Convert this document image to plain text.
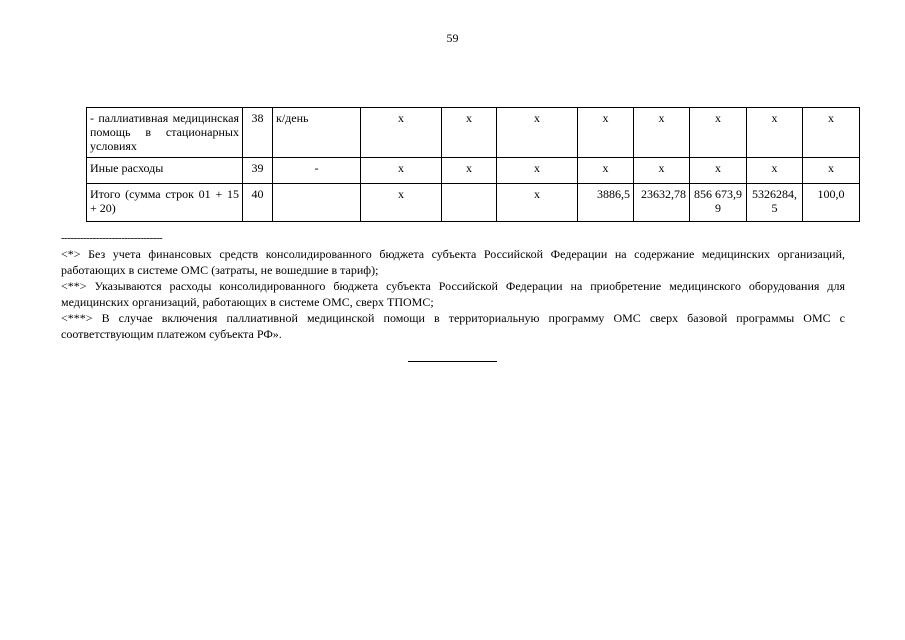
59
- паллиативная медицинская помощь в стационарных условиях	38	к/день	x	x	x	x	x	x	x	x
Иные расходы	39	-	x	x	x	x	x	x	x	x
Итого (сумма строк 01 + 15 + 20)	40		x		x	3886,5	23632,78	856 673,99	5326284,5	100,0
--------------------------------

<*> Без учета финансовых средств консолидированного бюджета субъекта Российской Федерации на содержание медицинских организаций, работающих в системе ОМС (затраты, не вошедшие в тариф);

<**> Указываются расходы консолидированного бюджета субъекта Российской Федерации на приобретение медицинского оборудования для медицинских организаций, работающих в системе ОМС, сверх ТПОМС;

<***> В случае включения паллиативной медицинской помощи в территориальную программу ОМС сверх базовой программы ОМС с соответствующим платежом субъекта РФ».
